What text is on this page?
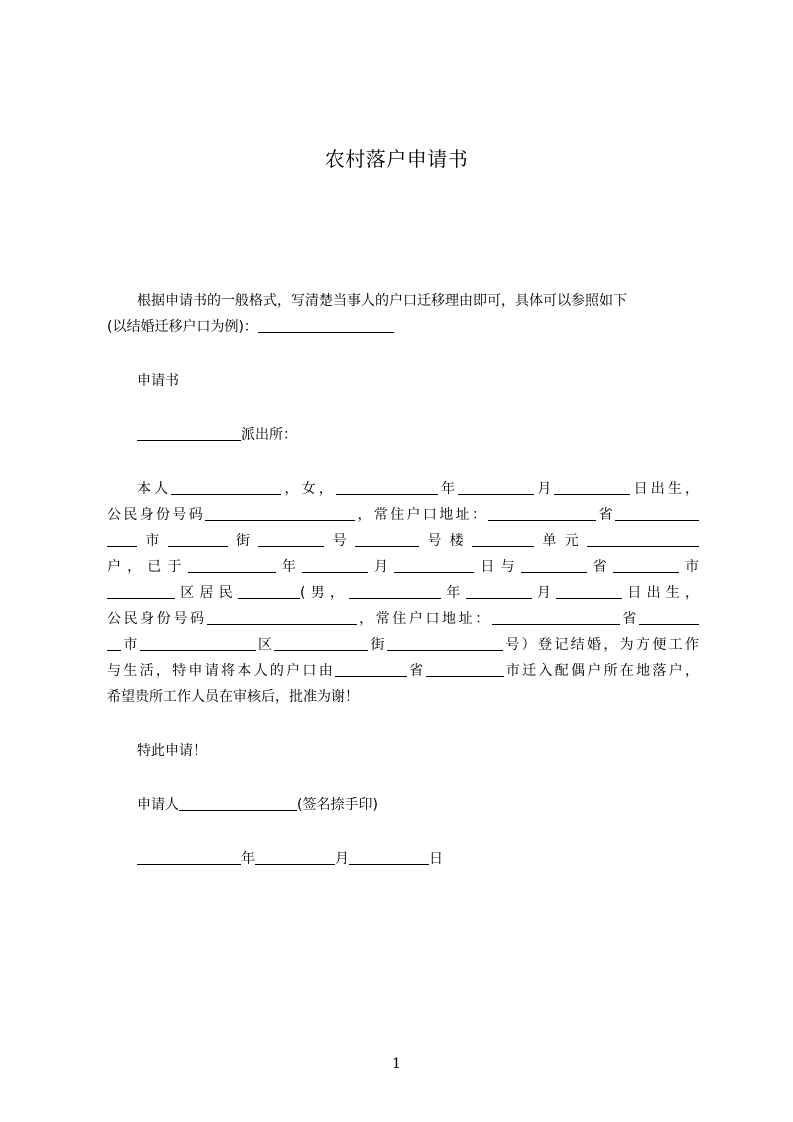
农村落户申请书
根据申请书的一般格式，写清楚当事人的户口迁移理由即可，具体可以参照如下
(以结婚迁移户口为例)：
申请书
派出所：
本人	，女，	年	月	日出生，
公民身份号码	，常住户口地址：	省
市	街	号	号楼	单元
户，已于	年	月	日与	省	市
区居民	(男，	年	月	日出生，
公民身份号码	，常住户口地址：	省
市	区	街	号）登记结婚，为方便工作
与生活，特申请将本人的户口由	省	市迁入配偶户所在地落户，
希望贵所工作人员在审核后，批准为谢！
特此申请！
申请人	(签名捺手印)
年	月	日
1
